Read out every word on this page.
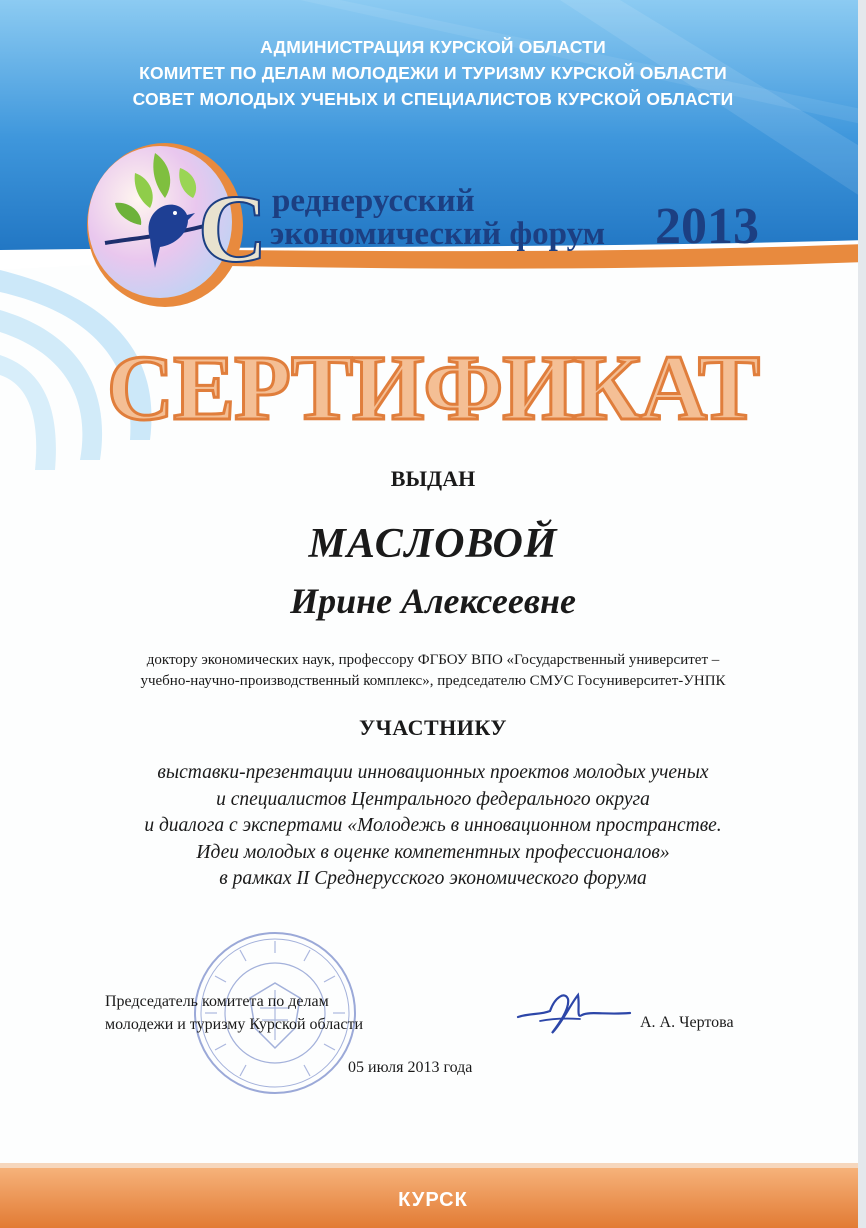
АДМИНИСТРАЦИЯ КУРСКОЙ ОБЛАСТИ
КОМИТЕТ ПО ДЕЛАМ МОЛОДЕЖИ И ТУРИЗМУ КУРСКОЙ ОБЛАСТИ
СОВЕТ МОЛОДЫХ УЧЕНЫХ И СПЕЦИАЛИСТОВ КУРСКОЙ ОБЛАСТИ
С реднерусский
экономический форум 2013
СЕРТИФИКАТ
ВЫДАН
МАСЛОВОЙ
Ирине Алексеевне
доктору экономических наук, профессору ФГБОУ ВПО «Государственный университет –
учебно-научно-производственный комплекс», председателю СМУС Госуниверситет-УНПК
УЧАСТНИКУ
выставки-презентации инновационных проектов молодых ученых
и специалистов Центрального федерального округа
и диалога с экспертами «Молодежь в инновационном пространстве.
Идеи молодых в оценке компетентных профессионалов»
в рамках II Среднерусского экономического форума
Председатель комитета по делам
молодежи и туризму Курской области	А. А. Чертова
05 июля 2013 года
КУРСК
